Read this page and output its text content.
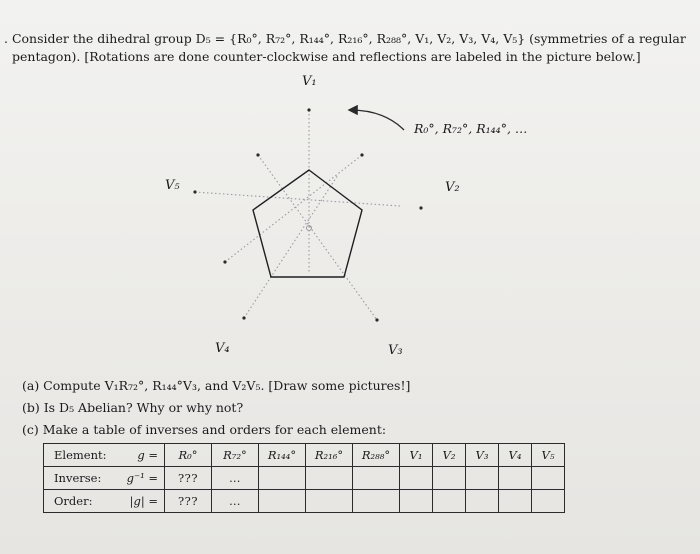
. Consider the dihedral group D₅ = {R₀°, R₇₂°, R₁₄₄°, R₂₁₆°, R₂₈₈°, V₁, V₂, V₃, V₄, V₅} (symmetries of a regular
pentagon). [Rotations are done counter-clockwise and reflections are labeled in the picture below.]
V₁
V₂
V₃
V₄
V₅
R₀°, R₇₂°, R₁₄₄°, …
(a) Compute V₁R₇₂°, R₁₄₄°V₃, and V₂V₅. [Draw some pictures!]
(b) Is D₅ Abelian? Why or why not?
(c) Make a table of inverses and orders for each element:
Element: g =	R₀°	R₇₂°	R₁₄₄°	R₂₁₆°	R₂₈₈°	V₁	V₂	V₃	V₄	V₅
Inverse: g⁻¹ =	???	…								
Order: |g| =	???	…								
